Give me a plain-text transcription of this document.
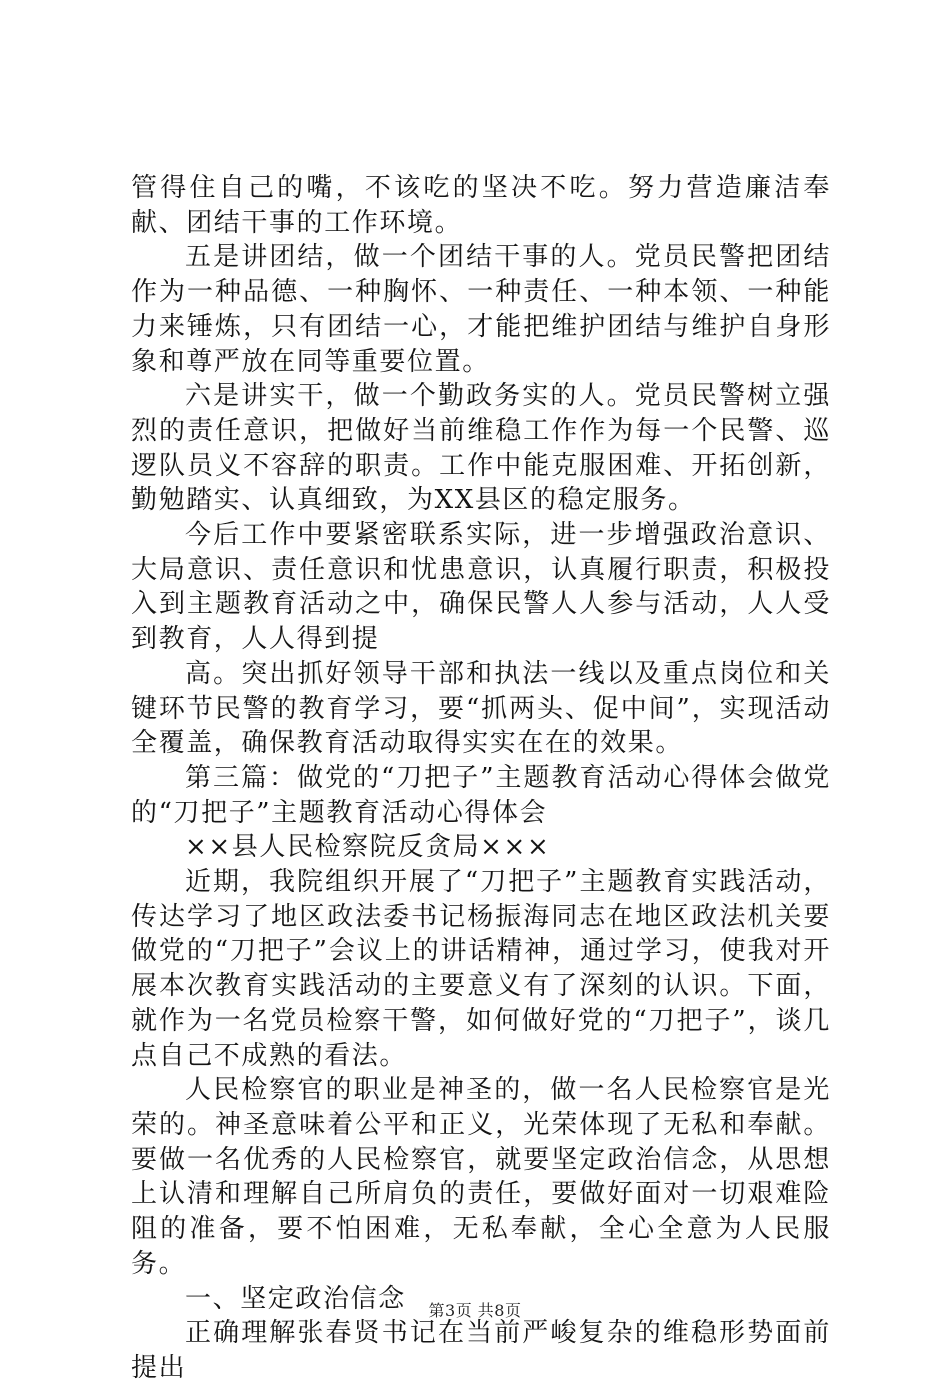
管得住自己的嘴，不该吃的坚决不吃。努力营造廉洁奉献、团结干事的工作环境。

五是讲团结，做一个团结干事的人。党员民警把团结作为一种品德、一种胸怀、一种责任、一种本领、一种能力来锤炼，只有团结一心，才能把维护团结与维护自身形象和尊严放在同等重要位置。

六是讲实干，做一个勤政务实的人。党员民警树立强烈的责任意识，把做好当前维稳工作作为每一个民警、巡逻队员义不容辞的职责。工作中能克服困难、开拓创新，勤勉踏实、认真细致，为XX县区的稳定服务。

今后工作中要紧密联系实际，进一步增强政治意识、大局意识、责任意识和忧患意识，认真履行职责，积极投入到主题教育活动之中，确保民警人人参与活动，人人受到教育，人人得到提

高。突出抓好领导干部和执法一线以及重点岗位和关键环节民警的教育学习，要“抓两头、促中间”，实现活动全覆盖，确保教育活动取得实实在在的效果。

第三篇：做党的“刀把子”主题教育活动心得体会做党的“刀把子”主题教育活动心得体会

××县人民检察院反贪局×××

近期，我院组织开展了“刀把子”主题教育实践活动，传达学习了地区政法委书记杨振海同志在地区政法机关要做党的“刀把子”会议上的讲话精神，通过学习，使我对开展本次教育实践活动的主要意义有了深刻的认识。下面，就作为一名党员检察干警，如何做好党的“刀把子”，谈几点自己不成熟的看法。

人民检察官的职业是神圣的，做一名人民检察官是光荣的。神圣意味着公平和正义，光荣体现了无私和奉献。要做一名优秀的人民检察官，就要坚定政治信念，从思想上认清和理解自己所肩负的责任，要做好面对一切艰难险阻的准备，要不怕困难，无私奉献，全心全意为人民服务。

一、坚定政治信念

正确理解张春贤书记在当前严峻复杂的维稳形势面前提出

第3页 共8页
